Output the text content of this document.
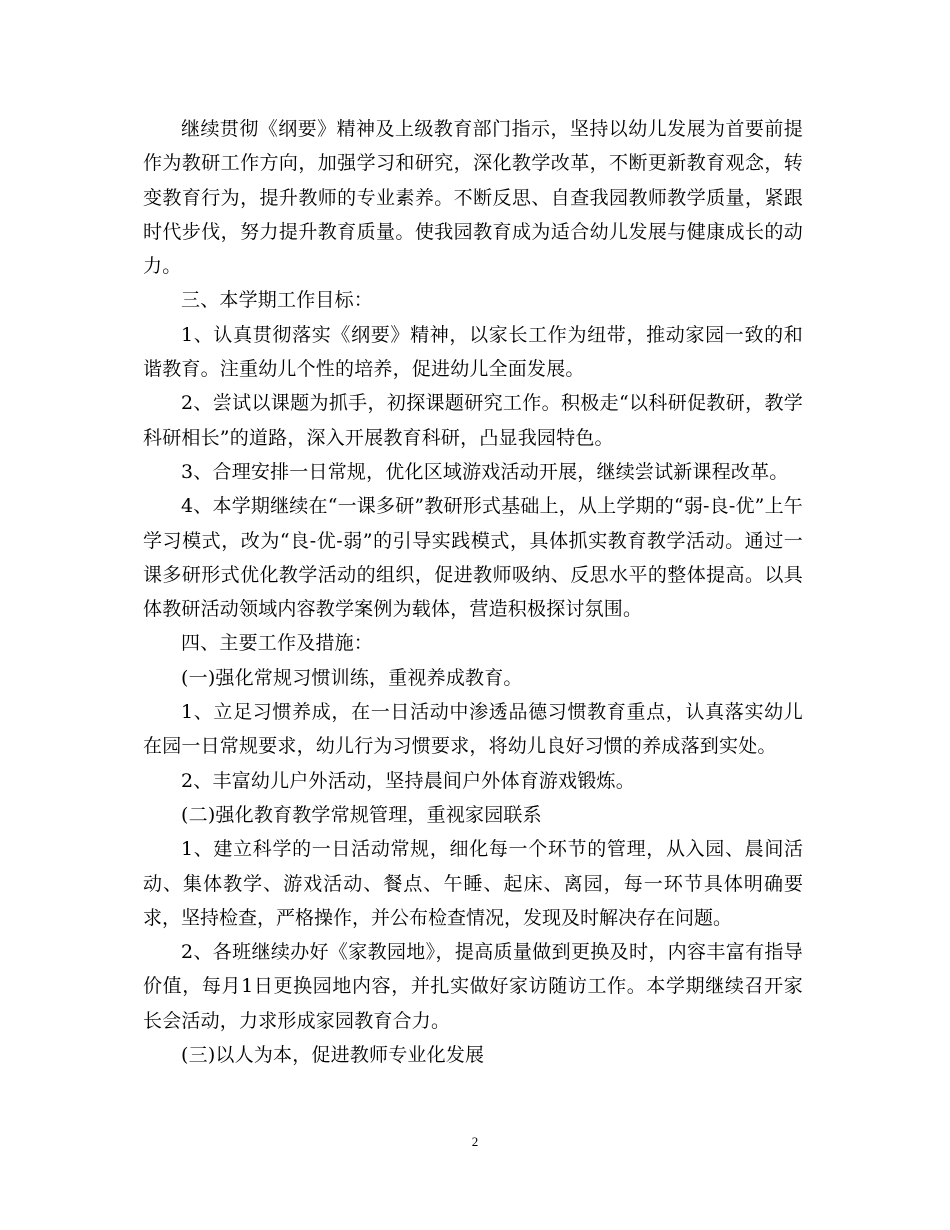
继续贯彻《纲要》精神及上级教育部门指示，坚持以幼儿发展为首要前提作为教研工作方向，加强学习和研究，深化教学改革，不断更新教育观念，转变教育行为，提升教师的专业素养。不断反思、自查我园教师教学质量，紧跟时代步伐，努力提升教育质量。使我园教育成为适合幼儿发展与健康成长的动力。

三、本学期工作目标：

1、认真贯彻落实《纲要》精神，以家长工作为纽带，推动家园一致的和谐教育。注重幼儿个性的培养，促进幼儿全面发展。

2、尝试以课题为抓手，初探课题研究工作。积极走“以科研促教研，教学科研相长”的道路，深入开展教育科研，凸显我园特色。

3、合理安排一日常规，优化区域游戏活动开展，继续尝试新课程改革。

4、本学期继续在“一课多研”教研形式基础上，从上学期的“弱-良-优”上午学习模式，改为“良-优-弱”的引导实践模式，具体抓实教育教学活动。通过一课多研形式优化教学活动的组织，促进教师吸纳、反思水平的整体提高。以具体教研活动领域内容教学案例为载体，营造积极探讨氛围。

四、主要工作及措施：

(一)强化常规习惯训练，重视养成教育。

1、立足习惯养成，在一日活动中渗透品德习惯教育重点，认真落实幼儿在园一日常规要求，幼儿行为习惯要求，将幼儿良好习惯的养成落到实处。

2、丰富幼儿户外活动，坚持晨间户外体育游戏锻炼。

(二)强化教育教学常规管理，重视家园联系

1、建立科学的一日活动常规，细化每一个环节的管理，从入园、晨间活动、集体教学、游戏活动、餐点、午睡、起床、离园，每一环节具体明确要求，坚持检查，严格操作，并公布检查情况，发现及时解决存在问题。

2、各班继续办好《家教园地》，提高质量做到更换及时，内容丰富有指导价值，每月1日更换园地内容，并扎实做好家访随访工作。本学期继续召开家长会活动，力求形成家园教育合力。

(三)以人为本，促进教师专业化发展

2
